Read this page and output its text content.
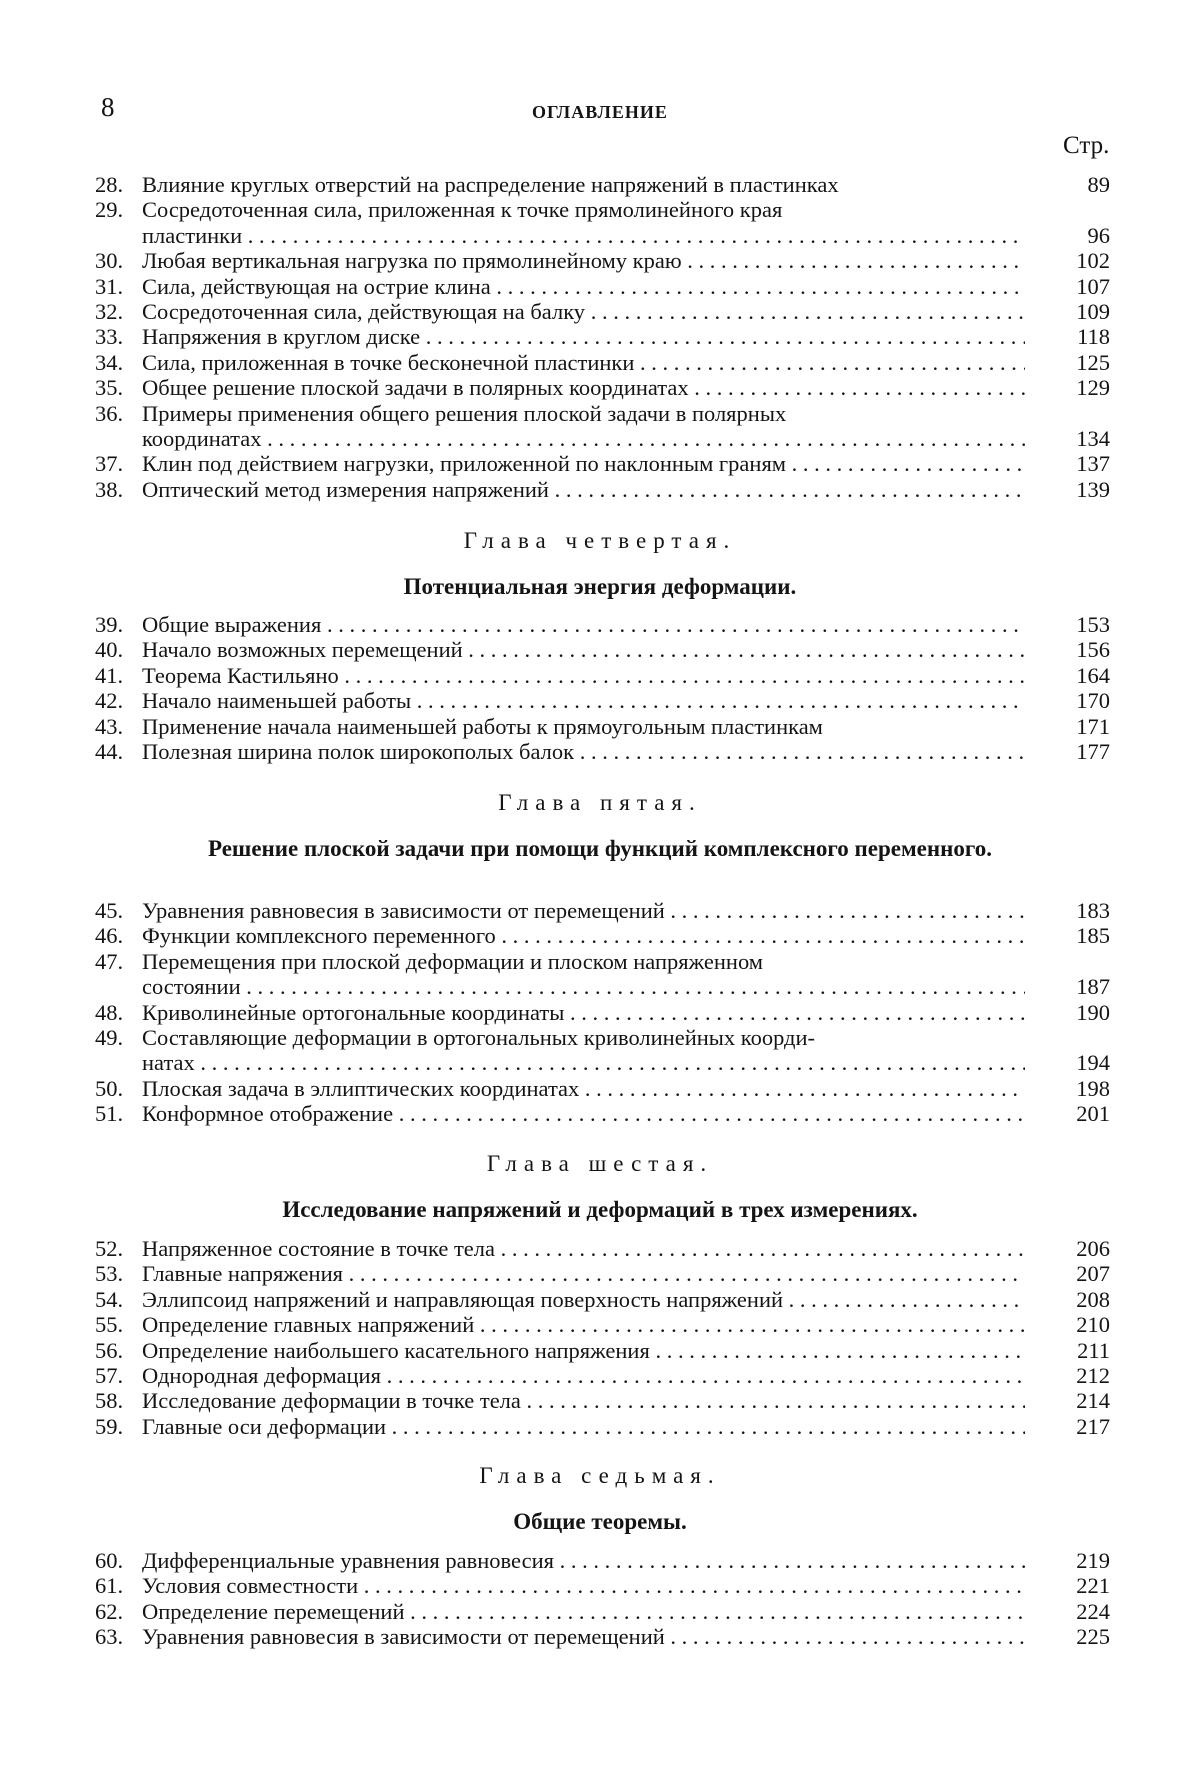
8	ОГЛАВЛЕНИЕ
Стр.
28. Влияние круглых отверстий на распределение напряжений в пластинках	89
29. Сосредоточенная сила, приложенная к точке прямолинейного края
пластинки . . .	96
30. Любая вертикальная нагрузка по прямолинейному краю . . .	102
31. Сила, действующая на острие клина . . .	107
32. Сосредоточенная сила, действующая на балку . . .	109
33. Напряжения в круглом диске . . .	118
34. Сила, приложенная в точке бесконечной пластинки . . .	125
35. Общее решение плоской задачи в полярных координатах . . .	129
36. Примеры применения общего решения плоской задачи в полярных
координатах . . .	134
37. Клин под действием нагрузки, приложенной по наклонным граням . . .	137
38. Оптический метод измерения напряжений . . .	139
Глава четвертая.
Потенциальная энергия деформации.
39. Общие выражения . . .	153
40. Начало возможных перемещений . . .	156
41. Теорема Кастильяно . . .	164
42. Начало наименьшей работы . . .	170
43. Применение начала наименьшей работы к прямоугольным пластинкам	171
44. Полезная ширина полок широкополых балок . . .	177
Глава пятая.
Решение плоской задачи при помощи функций комплексного переменного.
45. Уравнения равновесия в зависимости от перемещений . . .	183
46. Функции комплексного переменного . . .	185
47. Перемещения при плоской деформации и плоском напряженном
состоянии . . .	187
48. Криволинейные ортогональные координаты . . .	190
49. Составляющие деформации в ортогональных криволинейных коорди-
натах . . .	194
50. Плоская задача в эллиптических координатах . . .	198
51. Конформное отображение . . .	201
Глава шестая.
Исследование напряжений и деформаций в трех измерениях.
52. Напряженное состояние в точке тела . . .	206
53. Главные напряжения . . .	207
54. Эллипсоид напряжений и направляющая поверхность напряжений . . .	208
55. Определение главных напряжений . . .	210
56. Определение наибольшего касательного напряжения . . .	211
57. Однородная деформация . . .	212
58. Исследование деформации в точке тела . . .	214
59. Главные оси деформации . . .	217
Глава седьмая.
Общие теоремы.
60. Дифференциальные уравнения равновесия . . .	219
61. Условия совместности . . .	221
62. Определение перемещений . . .	224
63. Уравнения равновесия в зависимости от перемещений . . .	225
